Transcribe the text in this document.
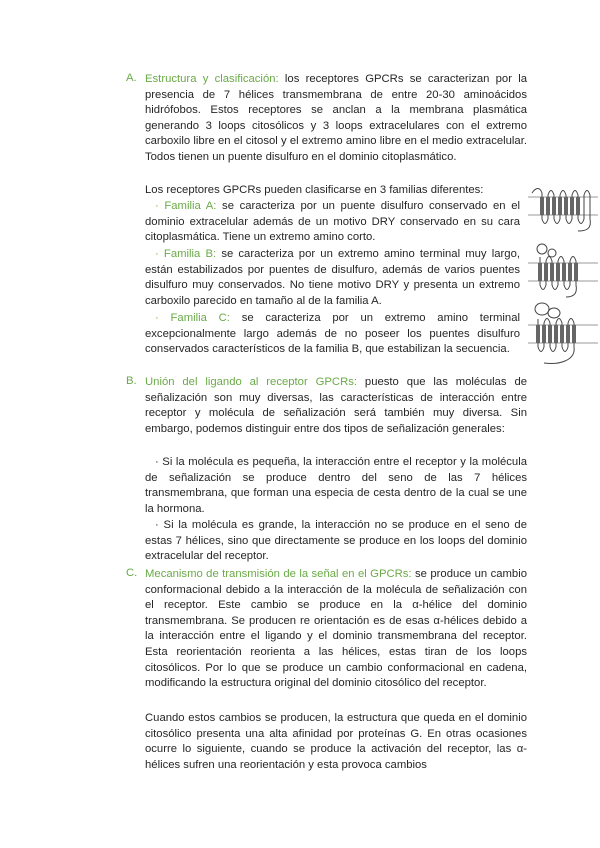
A. Estructura y clasificación: los receptores GPCRs se caracterizan por la presencia de 7 hélices transmembrana de entre 20-30 aminoácidos hidrófobos. Estos receptores se anclan a la membrana plasmática generando 3 loops citosólicos y 3 loops extracelulares con el extremo carboxilo libre en el citosol y el extremo amino libre en el medio extracelular. Todos tienen un puente disulfuro en el dominio citoplasmático.
Los receptores GPCRs pueden clasificarse en 3 familias diferentes:
· Familia A: se caracteriza por un puente disulfuro conservado en el dominio extracelular además de un motivo DRY conservado en su cara citoplasmática. Tiene un extremo amino corto.
· Familia B: se caracteriza por un extremo amino terminal muy largo, están estabilizados por puentes de disulfuro, además de varios puentes disulfuro muy conservados. No tiene motivo DRY y presenta un extremo carboxilo parecido en tamaño al de la familia A.
· Familia C: se caracteriza por un extremo amino terminal excepcionalmente largo además de no poseer los puentes disulfuro conservados característicos de la familia B, que estabilizan la secuencia.
B. Unión del ligando al receptor GPCRs: puesto que las moléculas de señalización son muy diversas, las características de interacción entre receptor y molécula de señalización será también muy diversa. Sin embargo, podemos distinguir entre dos tipos de señalización generales:
· Si la molécula es pequeña, la interacción entre el receptor y la molécula de señalización se produce dentro del seno de las 7 hélices transmembrana, que forman una especia de cesta dentro de la cual se une la hormona.
· Si la molécula es grande, la interacción no se produce en el seno de estas 7 hélices, sino que directamente se produce en los loops del dominio extracelular del receptor.
C. Mecanismo de transmisión de la señal en el GPCRs: se produce un cambio conformacional debido a la interacción de la molécula de señalización con el receptor. Este cambio se produce en la α-hélice del dominio transmembrana. Se producen re orientación es de esas α-hélices debido a la interacción entre el ligando y el dominio transmembrana del receptor. Esta reorientación reorienta a las hélices, estas tiran de los loops citosólicos. Por lo que se produce un cambio conformacional en cadena, modificando la estructura original del dominio citosólico del receptor.
Cuando estos cambios se producen, la estructura que queda en el dominio citosólico presenta una alta afinidad por proteínas G. En otras ocasiones ocurre lo siguiente, cuando se produce la activación del receptor, las α-hélices sufren una reorientación y esta provoca cambios
